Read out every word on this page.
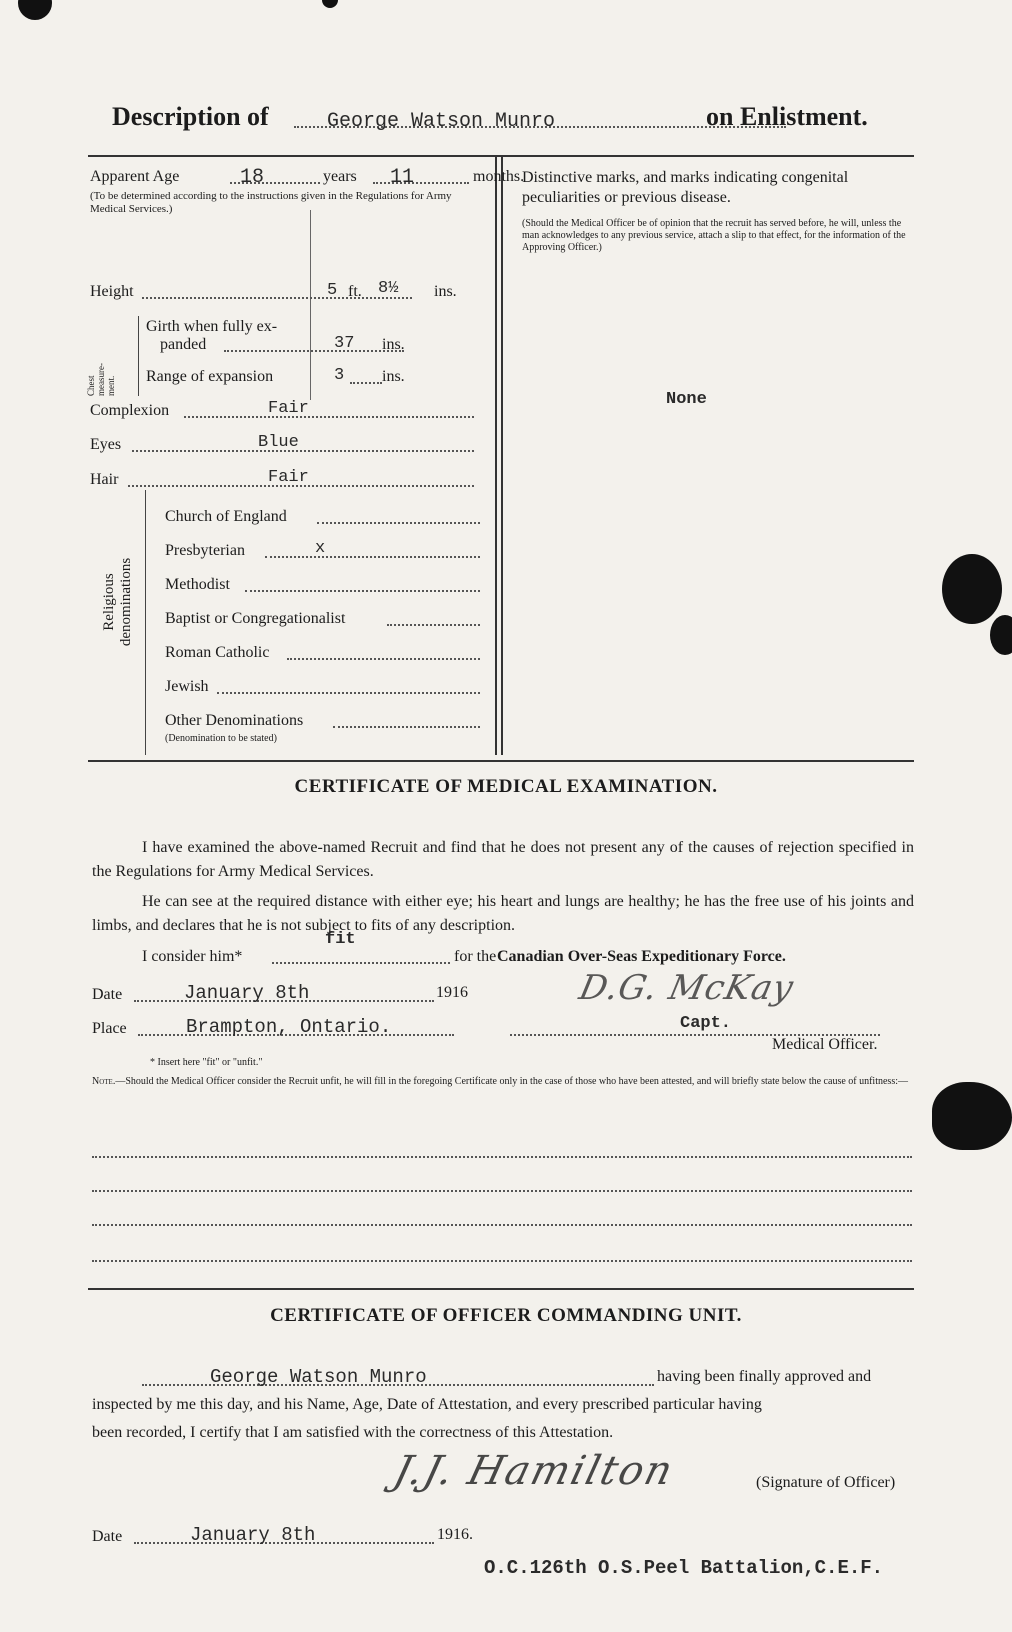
Description of	George Watson Munro	on Enlistment.
Apparent Age	18	years 11	months.
(To be determined according to the instructions given in the Regulations for Army Medical Services.)
Height	5 ft. 8½ ins.
Chest measure-ment.
Girth when fully ex-
panded	37 ins.
Range of expansion	3 ins.
Complexion	Fair
Eyes	Blue
Hair	Fair
Religious denominations
Church of England
Presbyterian	x
Methodist
Baptist or Congregationalist
Roman Catholic
Jewish
Other Denominations
(Denomination to be stated)
Distinctive marks, and marks indicating congenital peculiarities or previous disease.
(Should the Medical Officer be of opinion that the recruit has served before, he will, unless the man acknowledges to any previous service, attach a slip to that effect, for the information of the Approving Officer.)
None
CERTIFICATE OF MEDICAL EXAMINATION.
I have examined the above-named Recruit and find that he does not present any of the causes of rejection specified in the Regulations for Army Medical Services.
He can see at the required distance with either eye; his heart and lungs are healthy; he has the free use of his joints and limbs, and declares that he is not subject to fits of any description.
I consider him*
fit
for the Canadian Over-Seas Expeditionary Force.
Date	January 8th	1916
Place	Brampton, Ontario.
D.G. McKay
Capt.
Medical Officer.
* Insert here "fit" or "unfit."
Note.—Should the Medical Officer consider the Recruit unfit, he will fill in the foregoing Certificate only in the case of those who have been attested, and will briefly state below the cause of unfitness:—
CERTIFICATE OF OFFICER COMMANDING UNIT.
George Watson Munro	having been finally approved and
inspected by me this day, and his Name, Age, Date of Attestation, and every prescribed particular having
been recorded, I certify that I am satisfied with the correctness of this Attestation.
J.J. Hamilton	(Signature of Officer)
Date	January 8th	1916.
O.C.126th O.S.Peel Battalion,C.E.F.
